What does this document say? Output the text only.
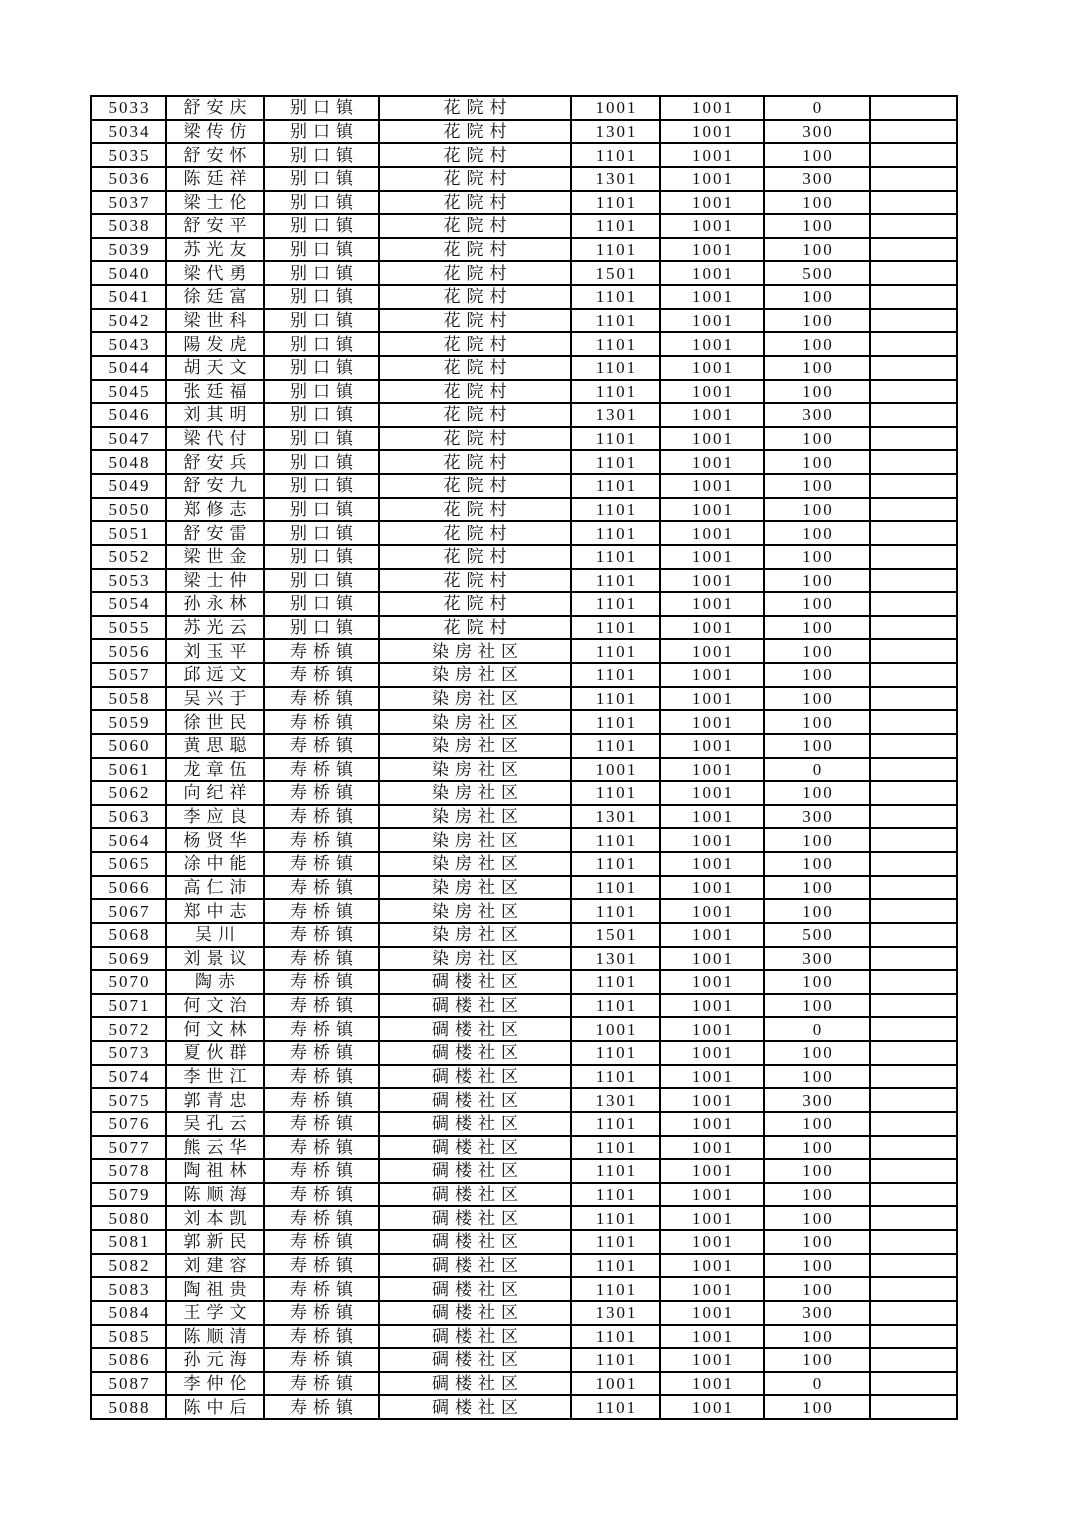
5033	舒安庆	别口镇	花院村	1001	1001	0	
5034	梁传仿	别口镇	花院村	1301	1001	300	
5035	舒安怀	别口镇	花院村	1101	1001	100	
5036	陈廷祥	别口镇	花院村	1301	1001	300	
5037	梁士伦	别口镇	花院村	1101	1001	100	
5038	舒安平	别口镇	花院村	1101	1001	100	
5039	苏光友	别口镇	花院村	1101	1001	100	
5040	梁代勇	别口镇	花院村	1501	1001	500	
5041	徐廷富	别口镇	花院村	1101	1001	100	
5042	梁世科	别口镇	花院村	1101	1001	100	
5043	陽发虎	别口镇	花院村	1101	1001	100	
5044	胡天文	别口镇	花院村	1101	1001	100	
5045	张廷福	别口镇	花院村	1101	1001	100	
5046	刘其明	别口镇	花院村	1301	1001	300	
5047	梁代付	别口镇	花院村	1101	1001	100	
5048	舒安兵	别口镇	花院村	1101	1001	100	
5049	舒安九	别口镇	花院村	1101	1001	100	
5050	郑修志	别口镇	花院村	1101	1001	100	
5051	舒安雷	别口镇	花院村	1101	1001	100	
5052	梁世金	别口镇	花院村	1101	1001	100	
5053	梁士仲	别口镇	花院村	1101	1001	100	
5054	孙永林	别口镇	花院村	1101	1001	100	
5055	苏光云	别口镇	花院村	1101	1001	100	
5056	刘玉平	寿桥镇	染房社区	1101	1001	100	
5057	邱远文	寿桥镇	染房社区	1101	1001	100	
5058	吴兴于	寿桥镇	染房社区	1101	1001	100	
5059	徐世民	寿桥镇	染房社区	1101	1001	100	
5060	黄思聪	寿桥镇	染房社区	1101	1001	100	
5061	龙章伍	寿桥镇	染房社区	1001	1001	0	
5062	向纪祥	寿桥镇	染房社区	1101	1001	100	
5063	李应良	寿桥镇	染房社区	1301	1001	300	
5064	杨贤华	寿桥镇	染房社区	1101	1001	100	
5065	凃中能	寿桥镇	染房社区	1101	1001	100	
5066	高仁沛	寿桥镇	染房社区	1101	1001	100	
5067	郑中志	寿桥镇	染房社区	1101	1001	100	
5068	吴川	寿桥镇	染房社区	1501	1001	500	
5069	刘景议	寿桥镇	染房社区	1301	1001	300	
5070	陶赤	寿桥镇	碉楼社区	1101	1001	100	
5071	何文治	寿桥镇	碉楼社区	1101	1001	100	
5072	何文林	寿桥镇	碉楼社区	1001	1001	0	
5073	夏伙群	寿桥镇	碉楼社区	1101	1001	100	
5074	李世江	寿桥镇	碉楼社区	1101	1001	100	
5075	郭青忠	寿桥镇	碉楼社区	1301	1001	300	
5076	吴孔云	寿桥镇	碉楼社区	1101	1001	100	
5077	熊云华	寿桥镇	碉楼社区	1101	1001	100	
5078	陶祖林	寿桥镇	碉楼社区	1101	1001	100	
5079	陈顺海	寿桥镇	碉楼社区	1101	1001	100	
5080	刘本凯	寿桥镇	碉楼社区	1101	1001	100	
5081	郭新民	寿桥镇	碉楼社区	1101	1001	100	
5082	刘建容	寿桥镇	碉楼社区	1101	1001	100	
5083	陶祖贵	寿桥镇	碉楼社区	1101	1001	100	
5084	王学文	寿桥镇	碉楼社区	1301	1001	300	
5085	陈顺清	寿桥镇	碉楼社区	1101	1001	100	
5086	孙元海	寿桥镇	碉楼社区	1101	1001	100	
5087	李仲伦	寿桥镇	碉楼社区	1001	1001	0	
5088	陈中后	寿桥镇	碉楼社区	1101	1001	100	
